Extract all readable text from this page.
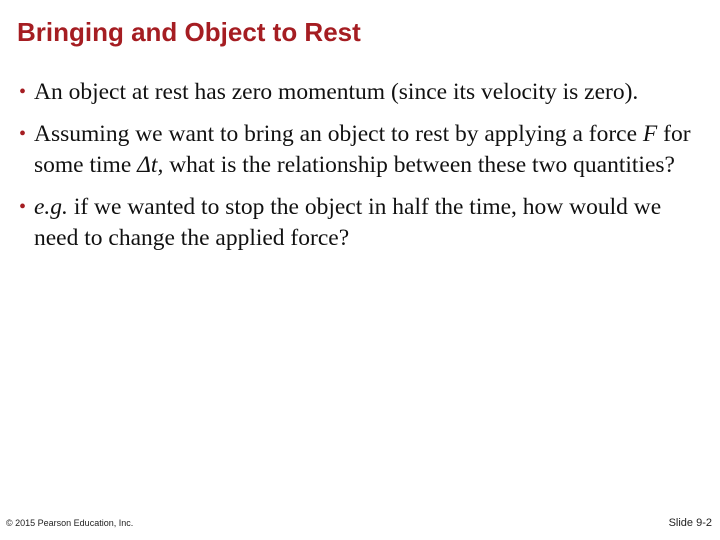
Bringing and Object to Rest
• An object at rest has zero momentum (since its velocity is zero).
• Assuming we want to bring an object to rest by applying a force F for some time Δt, what is the relationship between these two quantities?
• e.g. if we wanted to stop the object in half the time, how would we need to change the applied force?
© 2015 Pearson Education, Inc.	Slide 9-2
